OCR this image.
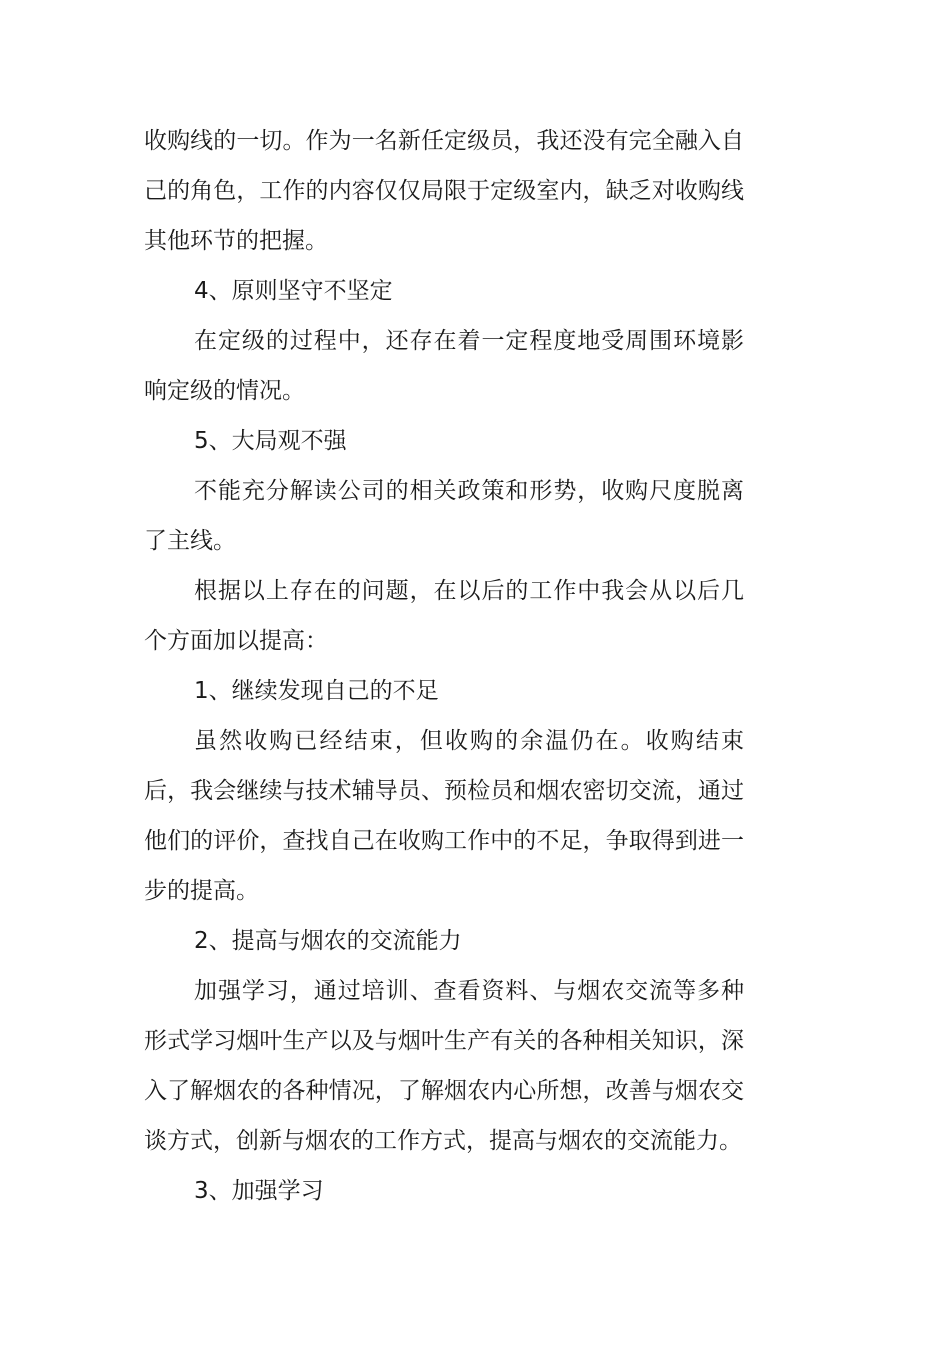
收购线的一切。作为一名新任定级员，我还没有完全融入自己的角色，工作的内容仅仅局限于定级室内，缺乏对收购线其他环节的把握。

4、原则坚守不坚定

在定级的过程中，还存在着一定程度地受周围环境影响定级的情况。

5、大局观不强

不能充分解读公司的相关政策和形势，收购尺度脱离了主线。

根据以上存在的问题，在以后的工作中我会从以后几个方面加以提高：

1、继续发现自己的不足

虽然收购已经结束，但收购的余温仍在。收购结束后，我会继续与技术辅导员、预检员和烟农密切交流，通过他们的评价，查找自己在收购工作中的不足，争取得到进一步的提高。

2、提高与烟农的交流能力

加强学习，通过培训、查看资料、与烟农交流等多种形式学习烟叶生产以及与烟叶生产有关的各种相关知识，深入了解烟农的各种情况，了解烟农内心所想，改善与烟农交谈方式，创新与烟农的工作方式，提高与烟农的交流能力。

3、加强学习
